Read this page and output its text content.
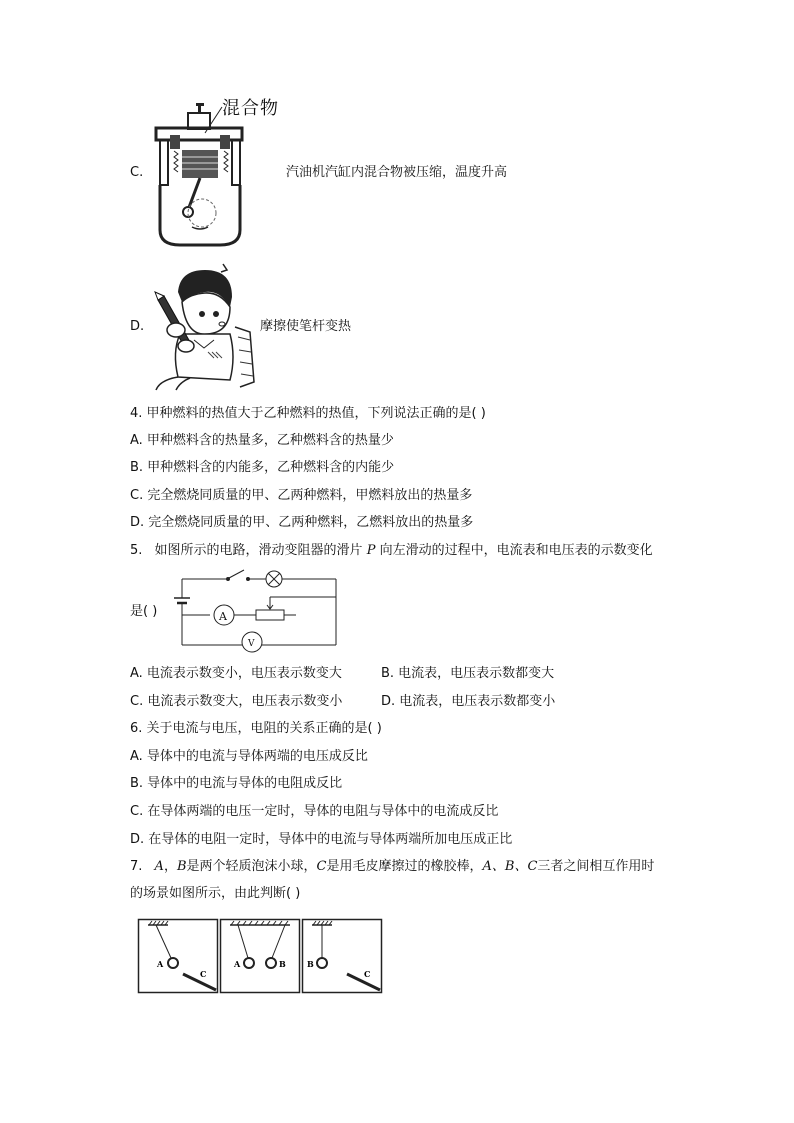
C.
混合物
汽油机汽缸内混合物被压缩，温度升高
D.	摩擦使笔杆变热
4. 甲种燃料的热值大于乙种燃料的热值，下列说法正确的是( )
A. 甲种燃料含的热量多，乙种燃料含的热量少
B. 甲种燃料含的内能多，乙种燃料含的内能少
C. 完全燃烧同质量的甲、乙两种燃料，甲燃料放出的热量多
D. 完全燃烧同质量的甲、乙两种燃料，乙燃料放出的热量多
5. 如图所示的电路，滑动变阻器的滑片 P 向左滑动的过程中，电流表和电压表的示数变化
是( )	A
V
A. 电流表示数变小，电压表示数变大	B. 电流表，电压表示数都变大
C. 电流表示数变大，电压表示数变小	D. 电流表，电压表示数都变小
6. 关于电流与电压，电阻的关系正确的是( )
A. 导体中的电流与导体两端的电压成反比
B. 导体中的电流与导体的电阻成反比
C. 在导体两端的电压一定时，导体的电阻与导体中的电流成反比
D. 在导体的电阻一定时，导体中的电流与导体两端所加电压成正比
7. A，B是两个轻质泡沫小球，C是用毛皮摩擦过的橡胶棒，A、B、C三者之间相互作用时
的场景如图所示，由此判断( )
A
C
A	B	B
C
